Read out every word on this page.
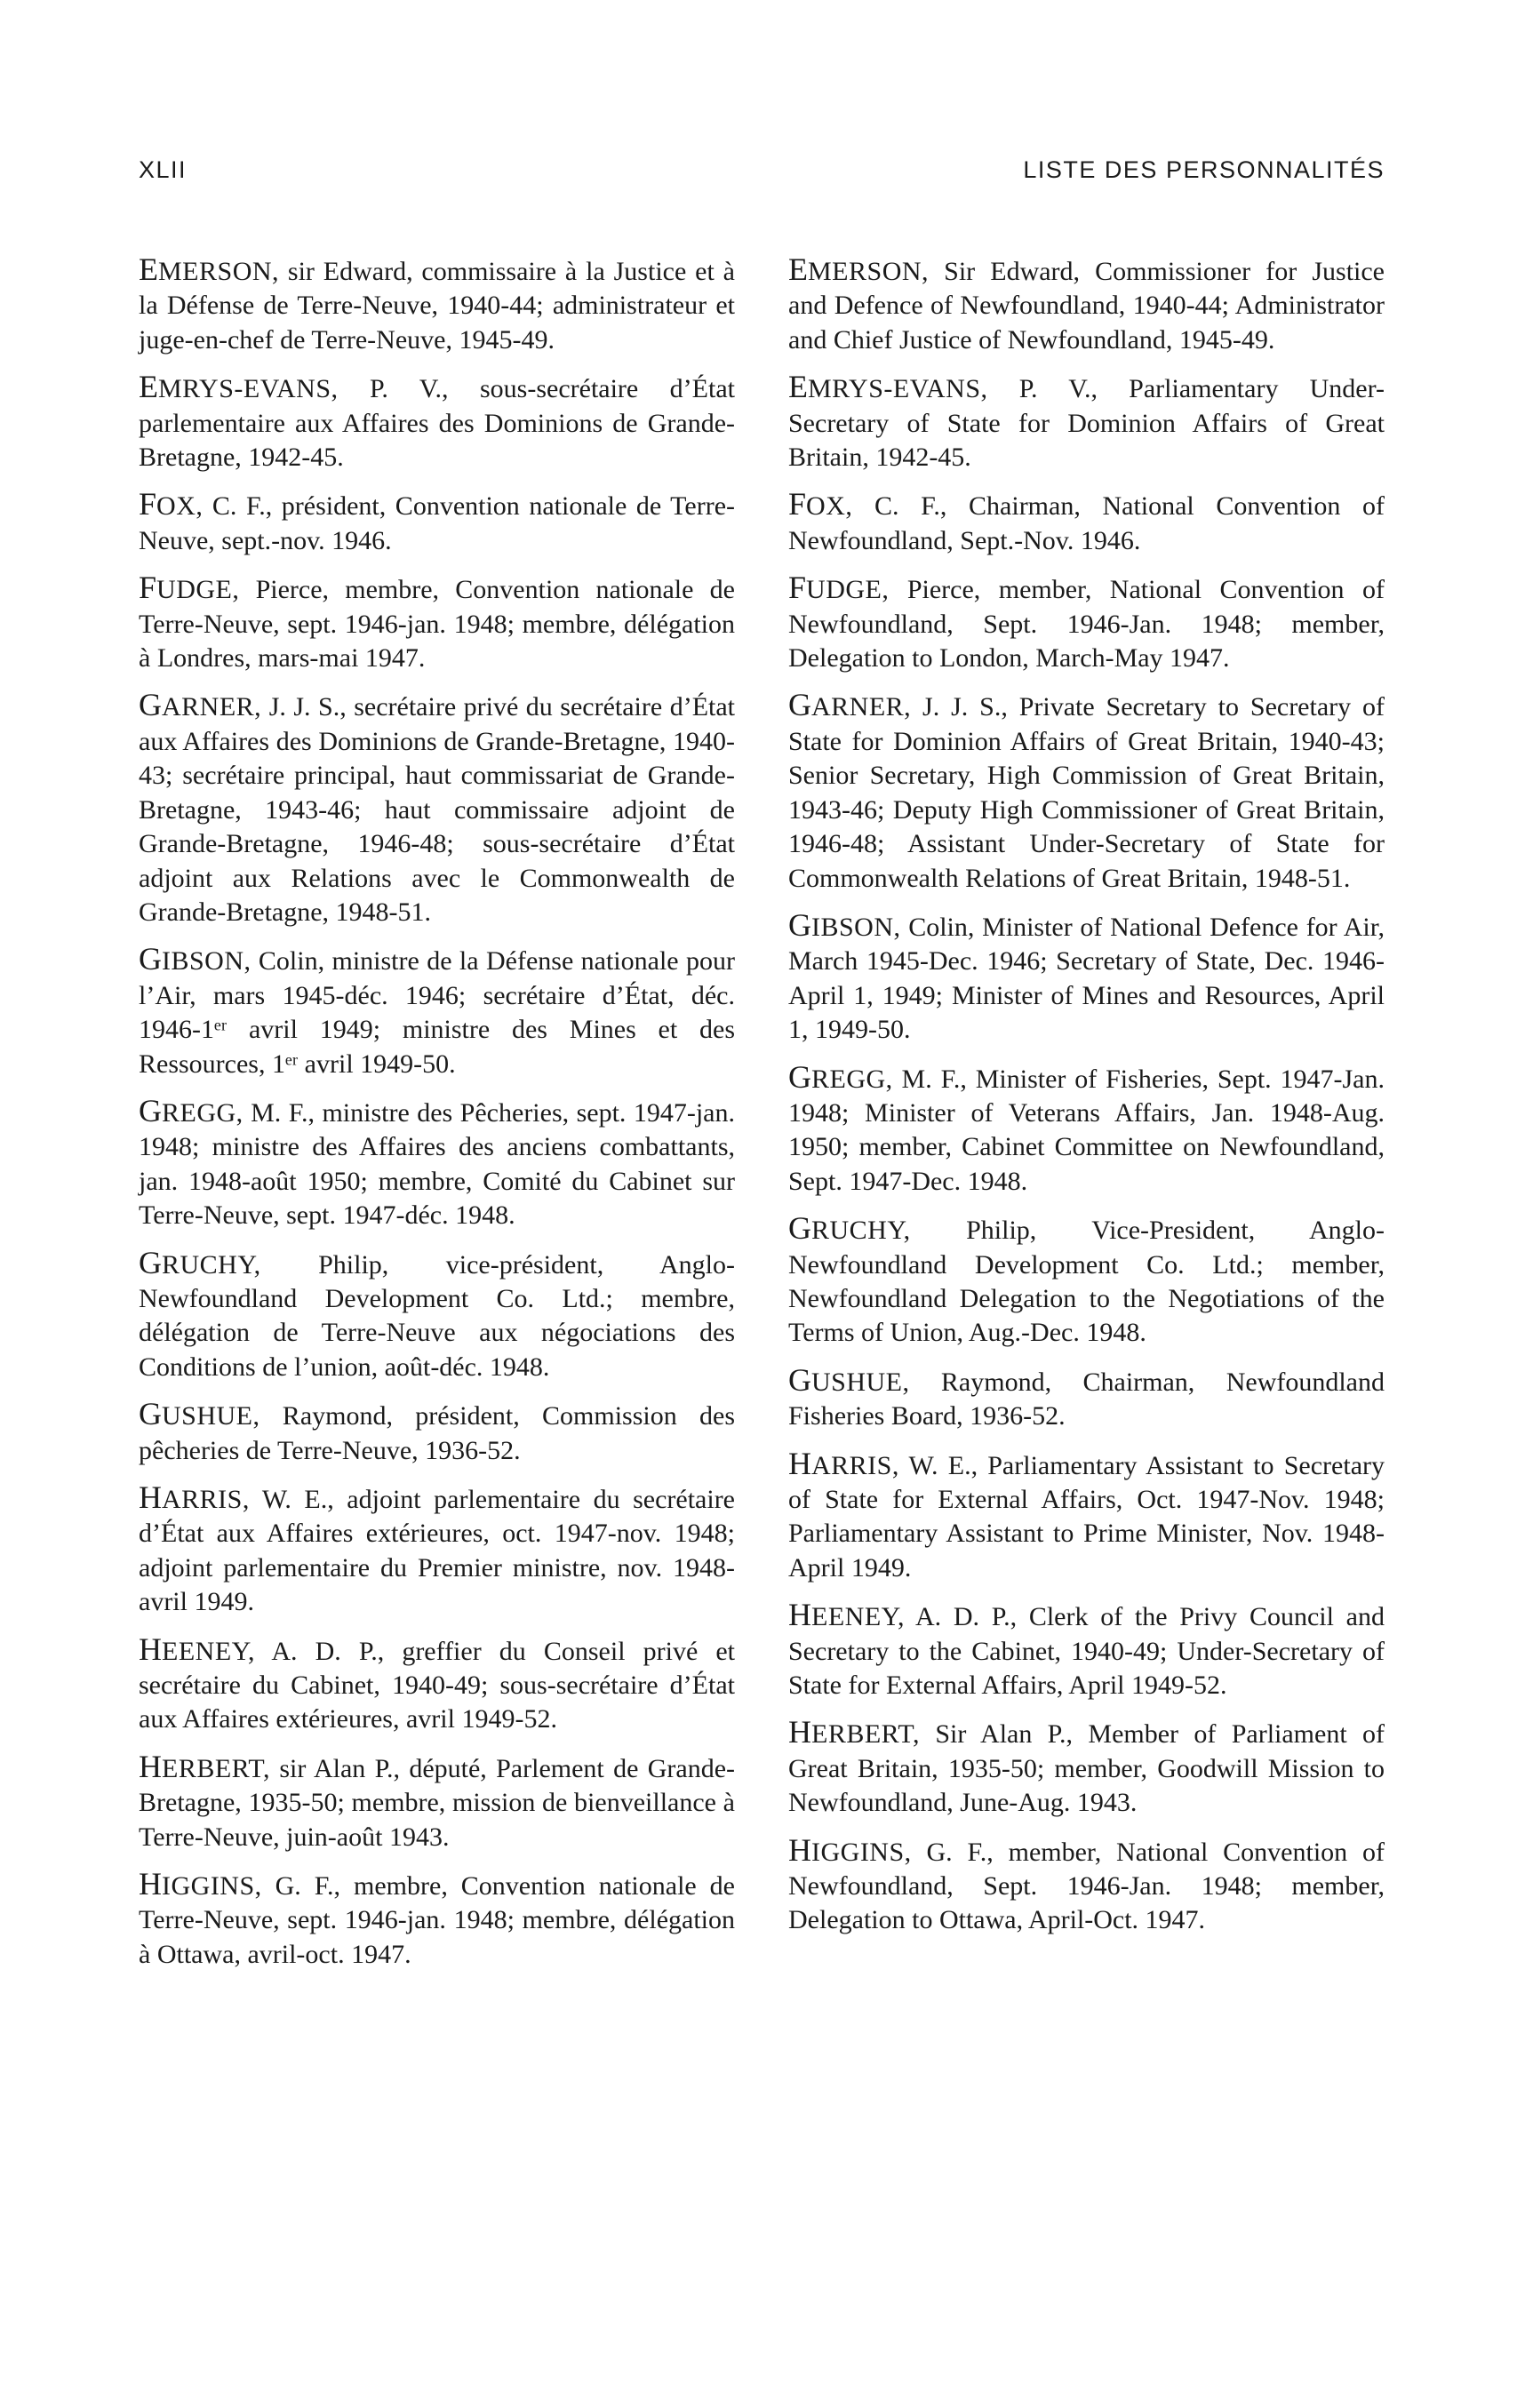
XLII	LISTE DES PERSONNALITÉS

EMERSON, sir Edward, commissaire à la Justice et à la Défense de Terre-Neuve, 1940-44; administrateur et juge-en-chef de Terre-Neuve, 1945-49.

EMRYS-EVANS, P. V., sous-secrétaire d’État parlementaire aux Affaires des Dominions de Grande-Bretagne, 1942-45.

FOX, C. F., président, Convention nationale de Terre-Neuve, sept.-nov. 1946.

FUDGE, Pierce, membre, Convention nationale de Terre-Neuve, sept. 1946-jan. 1948; membre, délégation à Londres, mars-mai 1947.

GARNER, J. J. S., secrétaire privé du secrétaire d’État aux Affaires des Dominions de Grande-Bretagne, 1940-43; secrétaire principal, haut commissariat de Grande-Bretagne, 1943-46; haut commissaire adjoint de Grande-Bretagne, 1946-48; sous-secrétaire d’État adjoint aux Relations avec le Commonwealth de Grande-Bretagne, 1948-51.

GIBSON, Colin, ministre de la Défense nationale pour l’Air, mars 1945-déc. 1946; secrétaire d’État, déc. 1946-1ᵉʳ avril 1949; ministre des Mines et des Ressources, 1ᵉʳ avril 1949-50.

GREGG, M. F., ministre des Pêcheries, sept. 1947-jan. 1948; ministre des Affaires des anciens combattants, jan. 1948-août 1950; membre, Comité du Cabinet sur Terre-Neuve, sept. 1947-déc. 1948.

GRUCHY, Philip, vice-président, Anglo-Newfoundland Development Co. Ltd.; membre, délégation de Terre-Neuve aux négociations des Conditions de l’union, août-déc. 1948.

GUSHUE, Raymond, président, Commission des pêcheries de Terre-Neuve, 1936-52.

HARRIS, W. E., adjoint parlementaire du secrétaire d’État aux Affaires extérieures, oct. 1947-nov. 1948; adjoint parlementaire du Premier ministre, nov. 1948-avril 1949.

HEENEY, A. D. P., greffier du Conseil privé et secrétaire du Cabinet, 1940-49; sous-secrétaire d’État aux Affaires extérieures, avril 1949-52.

HERBERT, sir Alan P., député, Parlement de Grande-Bretagne, 1935-50; membre, mission de bienveillance à Terre-Neuve, juin-août 1943.

HIGGINS, G. F., membre, Convention nationale de Terre-Neuve, sept. 1946-jan. 1948; membre, délégation à Ottawa, avril-oct. 1947.

EMERSON, Sir Edward, Commissioner for Justice and Defence of Newfoundland, 1940-44; Administrator and Chief Justice of Newfoundland, 1945-49.

EMRYS-EVANS, P. V., Parliamentary Under-Secretary of State for Dominion Affairs of Great Britain, 1942-45.

FOX, C. F., Chairman, National Convention of Newfoundland, Sept.-Nov. 1946.

FUDGE, Pierce, member, National Convention of Newfoundland, Sept. 1946-Jan. 1948; member, Delegation to London, March-May 1947.

GARNER, J. J. S., Private Secretary to Secretary of State for Dominion Affairs of Great Britain, 1940-43; Senior Secretary, High Commission of Great Britain, 1943-46; Deputy High Commissioner of Great Britain, 1946-48; Assistant Under-Secretary of State for Commonwealth Relations of Great Britain, 1948-51.

GIBSON, Colin, Minister of National Defence for Air, March 1945-Dec. 1946; Secretary of State, Dec. 1946-April 1, 1949; Minister of Mines and Resources, April 1, 1949-50.

GREGG, M. F., Minister of Fisheries, Sept. 1947-Jan. 1948; Minister of Veterans Affairs, Jan. 1948-Aug. 1950; member, Cabinet Committee on Newfoundland, Sept. 1947-Dec. 1948.

GRUCHY, Philip, Vice-President, Anglo-Newfoundland Development Co. Ltd.; member, Newfoundland Delegation to the Negotiations of the Terms of Union, Aug.-Dec. 1948.

GUSHUE, Raymond, Chairman, Newfoundland Fisheries Board, 1936-52.

HARRIS, W. E., Parliamentary Assistant to Secretary of State for External Affairs, Oct. 1947-Nov. 1948; Parliamentary Assistant to Prime Minister, Nov. 1948-April 1949.

HEENEY, A. D. P., Clerk of the Privy Council and Secretary to the Cabinet, 1940-49; Under-Secretary of State for External Affairs, April 1949-52.

HERBERT, Sir Alan P., Member of Parliament of Great Britain, 1935-50; member, Goodwill Mission to Newfoundland, June-Aug. 1943.

HIGGINS, G. F., member, National Convention of Newfoundland, Sept. 1946-Jan. 1948; member, Delegation to Ottawa, April-Oct. 1947.
